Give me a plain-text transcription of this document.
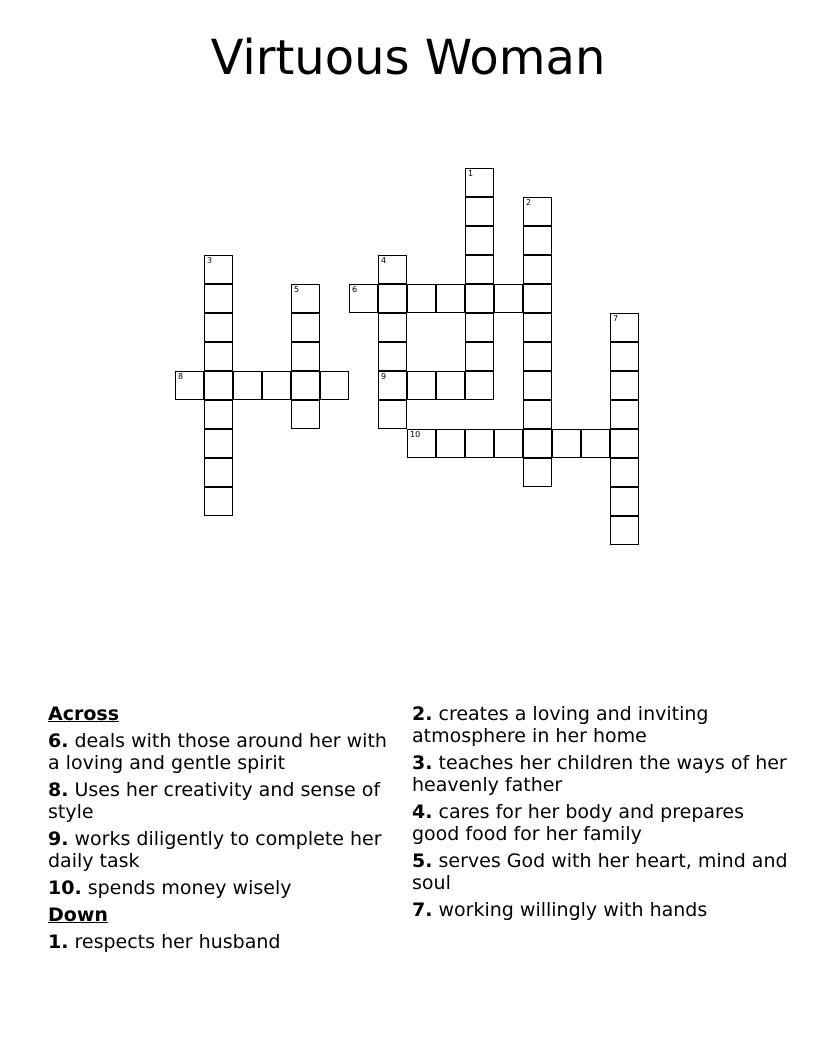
Virtuous Woman
1
2
3	4
9
5	6
7
8
10
Across
6. deals with those around her with a loving and gentle spirit
8. Uses her creativity and sense of style
9. works diligently to complete her daily task
10. spends money wisely
Down
1. respects her husband
2. creates a loving and inviting atmosphere in her home
3. teaches her children the ways of her heavenly father
4. cares for her body and prepares good food for her family
5. serves God with her heart, mind and soul
7. working willingly with hands
